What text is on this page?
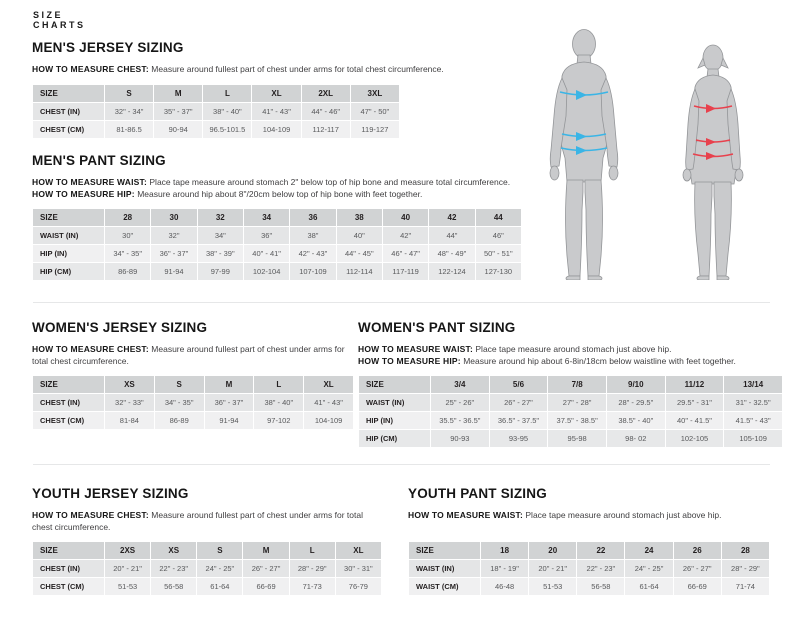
SIZE
CHARTS
MEN'S JERSEY SIZING
HOW TO MEASURE CHEST: Measure around fullest part of chest under arms for total chest circumference.
SIZE	S	M	L	XL	2XL	3XL
CHEST (IN)	32" - 34"	35" - 37"	38" - 40"	41" - 43"	44" - 46"	47" - 50"
CHEST (CM)	81-86.5	90-94	96.5-101.5	104-109	112-117	119-127
MEN'S PANT SIZING
HOW TO MEASURE WAIST: Place tape measure around stomach 2" below top of hip bone and measure total circumference.
HOW TO MEASURE HIP: Measure around hip about 8"/20cm below top of hip bone with feet together.
SIZE	28	30	32	34	36	38	40	42	44
WAIST (IN)	30"	32"	34"	36"	38"	40"	42"	44"	46"
HIP (IN)	34" - 35"	36" - 37"	38" - 39"	40" - 41"	42" - 43"	44" - 45"	46" - 47"	48" - 49"	50" - 51"
HIP (CM)	86-89	91-94	97-99	102-104	107-109	112-114	117-119	122-124	127-130
WOMEN'S JERSEY SIZING
HOW TO MEASURE CHEST: Measure around fullest part of chest under arms for total chest circumference.
SIZE	XS	S	M	L	XL
CHEST (IN)	32" - 33"	34" - 35"	36" - 37"	38" - 40"	41" - 43"
CHEST (CM)	81-84	86-89	91-94	97-102	104-109
WOMEN'S PANT SIZING
HOW TO MEASURE WAIST: Place tape measure around stomach just above hip.
HOW TO MEASURE HIP: Measure around hip about 6-8in/18cm below waistline with feet together.
SIZE	3/4	5/6	7/8	9/10	11/12	13/14
WAIST (IN)	25" - 26"	26" - 27"	27" - 28"	28" - 29.5"	29.5" - 31"	31" - 32.5"
HIP (IN)	35.5" - 36.5"	36.5" - 37.5"	37.5" - 38.5"	38.5" - 40"	40" - 41.5"	41.5" - 43"
HIP (CM)	90-93	93-95	95-98	98- 02	102-105	105-109
YOUTH JERSEY SIZING
HOW TO MEASURE CHEST: Measure around fullest part of chest under arms for total chest circumference.
SIZE	2XS	XS	S	M	L	XL
CHEST (IN)	20" - 21"	22" - 23"	24" - 25"	26" - 27"	28" - 29"	30" - 31"
CHEST (CM)	51-53	56-58	61-64	66-69	71-73	76-79
YOUTH PANT SIZING
HOW TO MEASURE WAIST: Place tape measure around stomach just above hip.
SIZE	18	20	22	24	26	28
WAIST (IN)	18" - 19"	20" - 21"	22" - 23"	24" - 25"	26" - 27"	28" - 29"
WAIST (CM)	46-48	51-53	56-58	61-64	66-69	71-74
